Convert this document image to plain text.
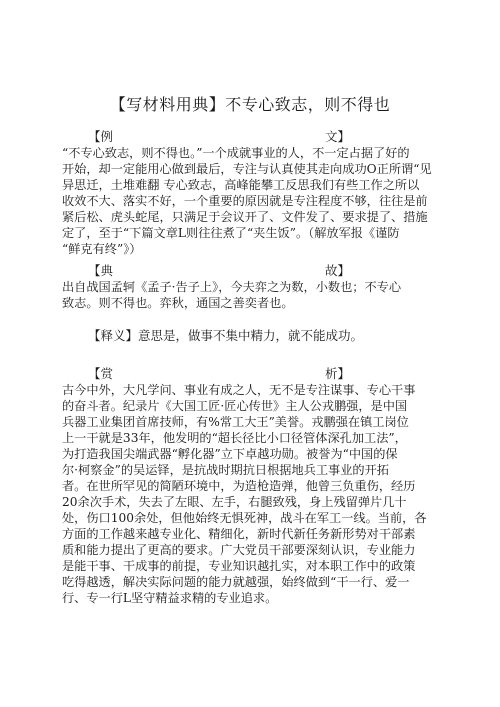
【写材料用典】不专心致志，则不得也
【例	文】
“不专心致志，则不得也。”一个成就事业的人，不一定占据了好的
开始，却一定能用心做到最后，专注与认真使其走向成功O正所谓“见
异思迁，土堆难翻 专心致志，高峰能攀工反思我们有些工作之所以
收效不大、落实不好，一个重要的原因就是专注程度不够，往往是前
紧后松、虎头蛇尾，只满足于会议开了、文件发了、要求提了、措施
定了，至于“下篇文章L则往往煮了“夹生饭”。（解放军报《谨防
“鲜克有终”》）
【典	故】
出自战国孟轲《孟子·告子上》，今夫弈之为数，小数也；不专心
致志。则不得也。弈秋，通国之善奕者也。
【释义】意思是，做事不集中精力，就不能成功。
【赏	析】
古今中外，大凡学问、事业有成之人，无不是专注谋事、专心干事
的奋斗者。纪录片《大国工匠·匠心传世》主人公戎鹏强，是中国
兵器工业集团首席技师，有%常工大王”美誉。戎鹏强在镇工岗位
上一干就是33年，他发明的“超长径比小口径管体深孔加工法”，
为打造我国尖端武器“孵化器”立下卓越功勋。被誉为“中国的保
尔·柯察金”的吴运铎，是抗战时期抗日根据地兵工事业的开拓
者。在世所罕见的简陋环境中，为造枪造弹，他曾三负重伤，经历
20余次手术，失去了左眼、左手，右腿致残，身上残留弹片几十
处，伤口100余处，但他始终无惧死神，战斗在军工一线。当前，各
方面的工作越来越专业化、精细化，新时代新任务新形势对干部素
质和能力提出了更高的要求。广大党员干部要深刻认识，专业能力
是能干事、干成事的前提，专业知识越扎实，对本职工作中的政策
吃得越透，解决实际问题的能力就越强，始终做到“干一行、爱一
行、专一行L坚守精益求精的专业追求。
